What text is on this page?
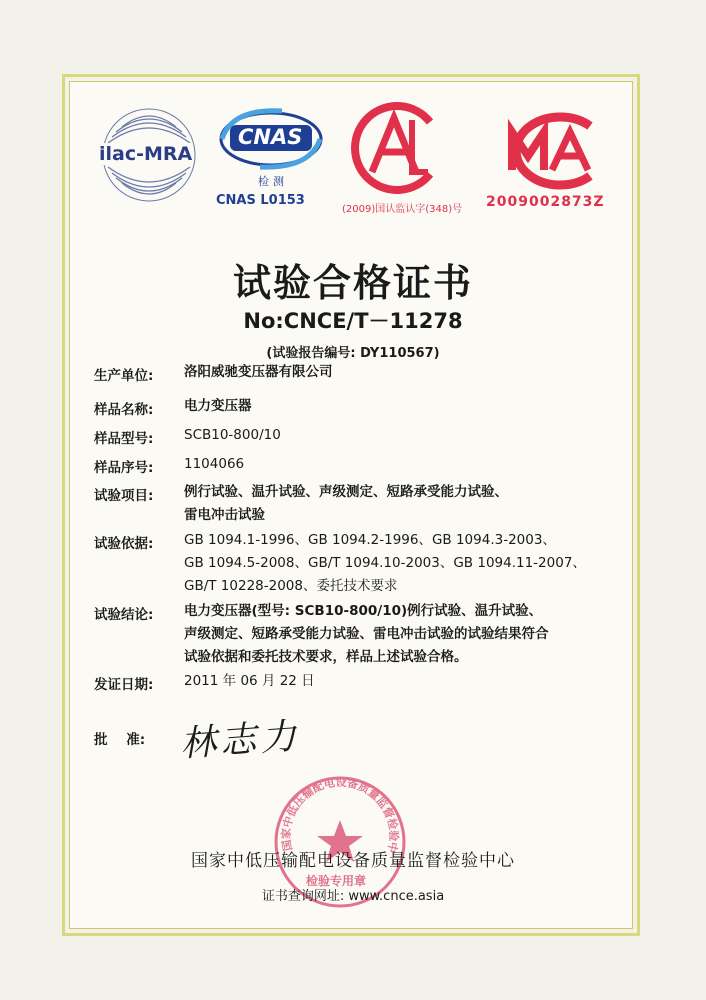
ilac-MRA
CNAS
检测
CNAS L0153
(2009)国认监认字(348)号 2009002873Z
试验合格证书
No:CNCE/T－11278
(试验报告编号: DY110567)
生产单位: 洛阳威驰变压器有限公司
样品名称: 电力变压器
样品型号: SCB10-800/10
样品序号: 1104066
试验项目: 例行试验、温升试验、声级测定、短路承受能力试验、
雷电冲击试验
试验依据: GB 1094.1-1996、GB 1094.2-1996、GB 1094.3-2003、
GB 1094.5-2008、GB/T 1094.10-2003、GB 1094.11-2007、
GB/T 10228-2008、委托技术要求
试验结论: 电力变压器(型号: SCB10-800/10)例行试验、温升试验、
声级测定、短路承受能力试验、雷电冲击试验的试验结果符合
试验依据和委托技术要求，样品上述试验合格。
发证日期: 2011 年 06 月 22 日
批    准: 林志力
国家中低压输配电设备质量监督检验中
检验专用章
国家中低压输配电设备质量监督检验中心
证书查询网址: www.cnce.asia
